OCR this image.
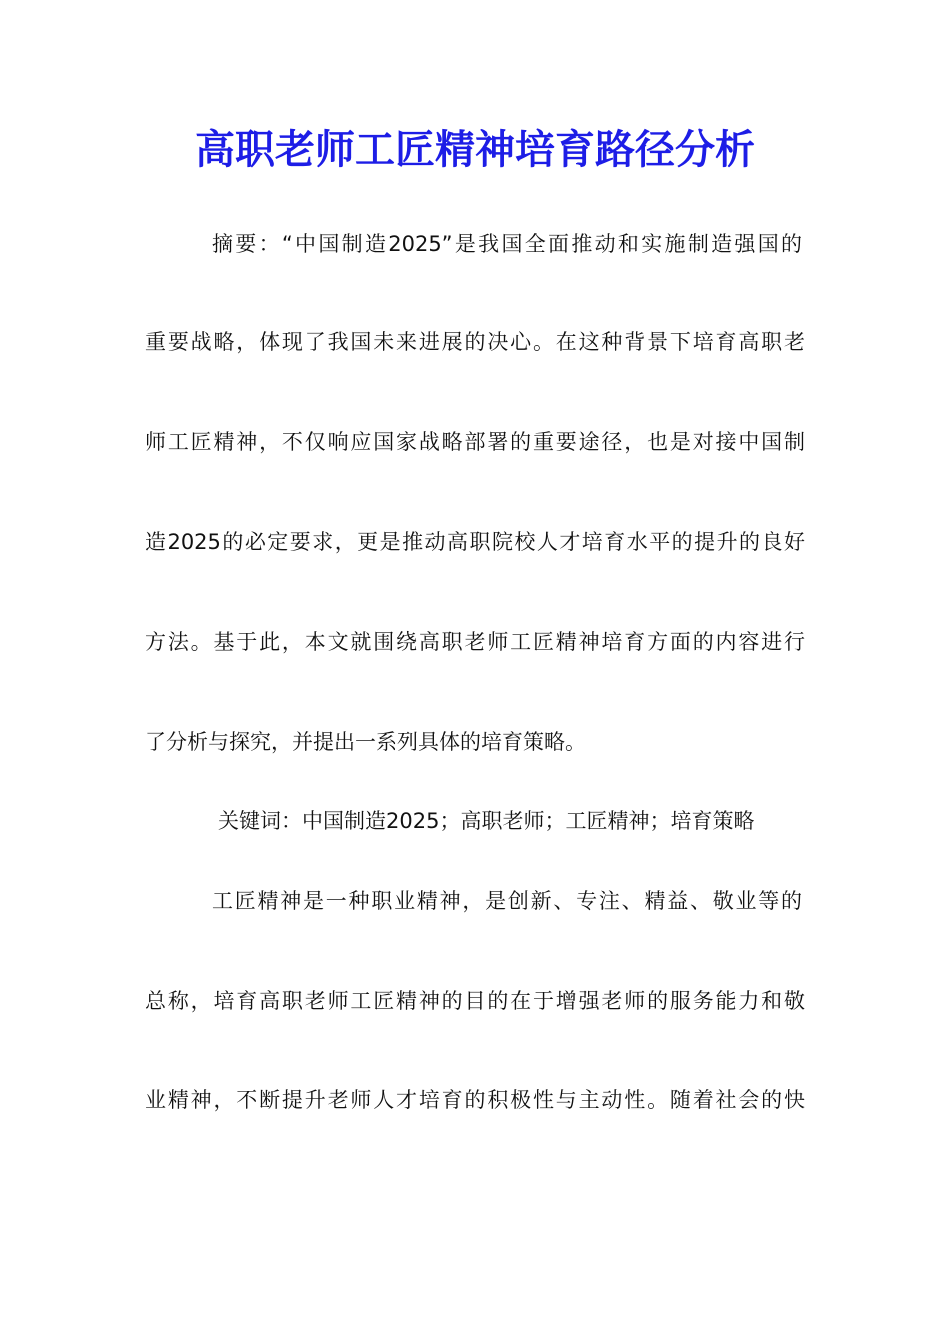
高职老师工匠精神培育路径分析
摘要：“中国制造2025”是我国全面推动和实施制造强国的
重要战略，体现了我国未来进展的决心。在这种背景下培育高职老
师工匠精神，不仅响应国家战略部署的重要途径，也是对接中国制
造2025的必定要求，更是推动高职院校人才培育水平的提升的良好
方法。基于此，本文就围绕高职老师工匠精神培育方面的内容进行
了分析与探究，并提出一系列具体的培育策略。
关键词：中国制造2025；高职老师；工匠精神；培育策略
工匠精神是一种职业精神，是创新、专注、精益、敬业等的
总称，培育高职老师工匠精神的目的在于增强老师的服务能力和敬
业精神，不断提升老师人才培育的积极性与主动性。随着社会的快
